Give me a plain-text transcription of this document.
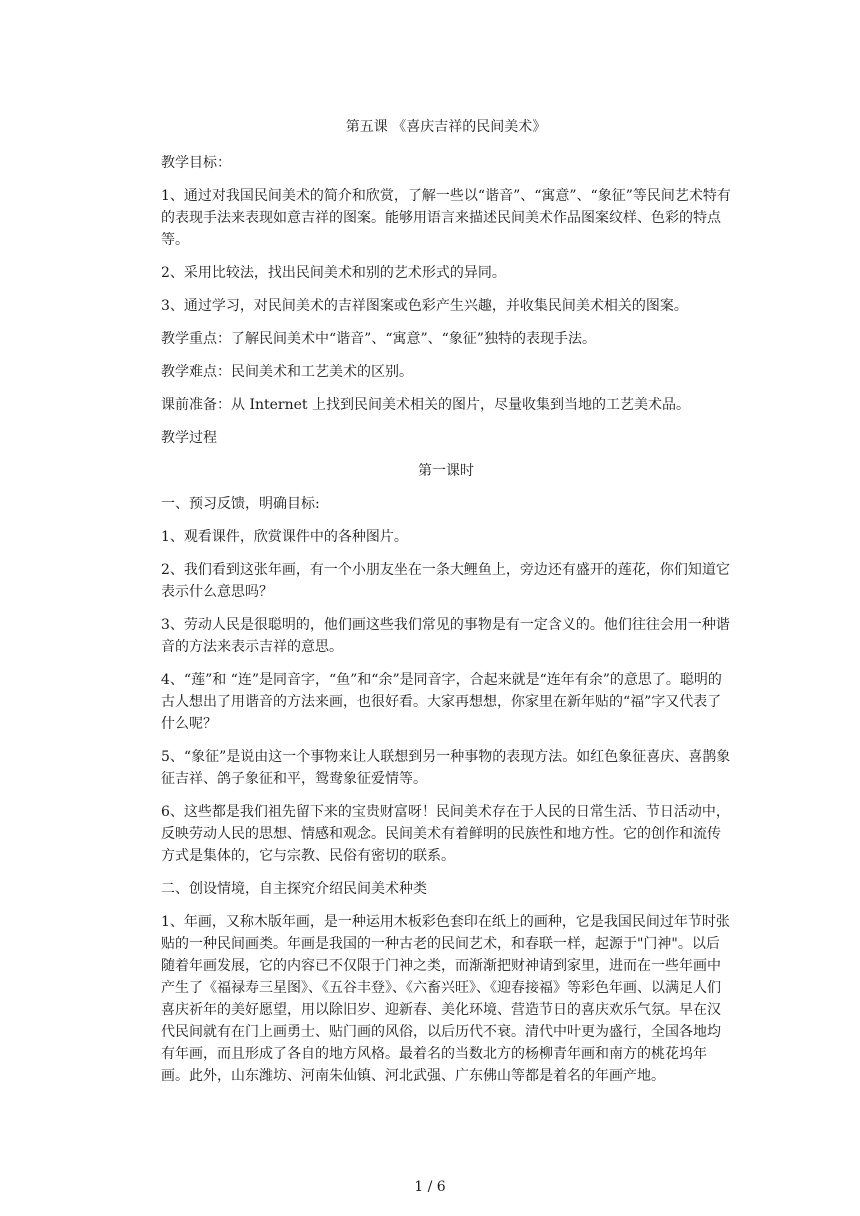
第五课 《喜庆吉祥的民间美术》

教学目标：

1、通过对我国民间美术的简介和欣赏，了解一些以“谐音”、“寓意”、“象征”等民间艺术特有的表现手法来表现如意吉祥的图案。能够用语言来描述民间美术作品图案纹样、色彩的特点等。

2、采用比较法，找出民间美术和别的艺术形式的异同。

3、通过学习，对民间美术的吉祥图案或色彩产生兴趣，并收集民间美术相关的图案。

教学重点：了解民间美术中“谐音”、“寓意”、“象征”独特的表现手法。

教学难点：民间美术和工艺美术的区别。

课前准备：从 Internet 上找到民间美术相关的图片，尽量收集到当地的工艺美术品。

教学过程

第一课时

一、预习反馈，明确目标:

1、观看课件，欣赏课件中的各种图片。

2、我们看到这张年画，有一个小朋友坐在一条大鲤鱼上，旁边还有盛开的莲花，你们知道它表示什么意思吗？

3、劳动人民是很聪明的，他们画这些我们常见的事物是有一定含义的。他们往往会用一种谐音的方法来表示吉祥的意思。

4、“莲”和 “连”是同音字，“鱼”和“余”是同音字，合起来就是“连年有余”的意思了。聪明的古人想出了用谐音的方法来画，也很好看。大家再想想，你家里在新年贴的“福”字又代表了什么呢？

5、“象征”是说由这一个事物来让人联想到另一种事物的表现方法。如红色象征喜庆、喜鹊象征吉祥、鸽子象征和平，鸳鸯象征爱情等。

6、这些都是我们祖先留下来的宝贵财富呀！民间美术存在于人民的日常生活、节日活动中，反映劳动人民的思想、情感和观念。民间美术有着鲜明的民族性和地方性。它的创作和流传方式是集体的，它与宗教、民俗有密切的联系。

二、创设情境，自主探究介绍民间美术种类

1、年画，又称木版年画，是一种运用木板彩色套印在纸上的画种，它是我国民间过年节时张贴的一种民间画类。年画是我国的一种古老的民间艺术，和春联一样，起源于"门神"。以后随着年画发展，它的内容已不仅限于门神之类，而渐渐把财神请到家里，进而在一些年画中产生了《福禄寿三星图》、《五谷丰登》、《六畜兴旺》、《迎春接福》等彩色年画、以满足人们喜庆祈年的美好愿望，用以除旧岁、迎新春、美化环境、营造节日的喜庆欢乐气氛。早在汉代民间就有在门上画勇士、贴门画的风俗，以后历代不衰。清代中叶更为盛行，全国各地均有年画，而且形成了各自的地方风格。最着名的当数北方的杨柳青年画和南方的桃花坞年画。此外，山东潍坊、河南朱仙镇、河北武强、广东佛山等都是着名的年画产地。

1 / 6
